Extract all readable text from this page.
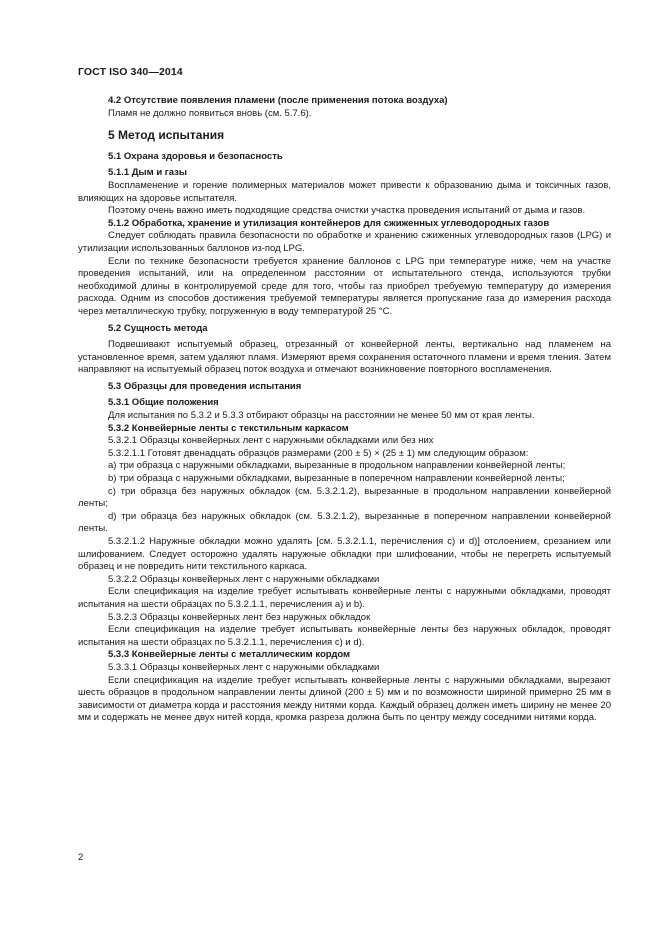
ГОСТ ISO 340—2014

4.2 Отсутствие появления пламени (после применения потока воздуха)

Пламя не должно появиться вновь (см. 5.7.6).

5 Метод испытания

5.1 Охрана здоровья и безопасность

5.1.1 Дым и газы

Воспламенение и горение полимерных материалов может привести к образованию дыма и токсичных газов, влияющих на здоровье испытателя.

Поэтому очень важно иметь подходящие средства очистки участка проведения испытаний от дыма и газов.

5.1.2 Обработка, хранение и утилизация контейнеров для сжиженных углеводородных газов

Следует соблюдать правила безопасности по обработке и хранению сжиженных углеводородных газов (LPG) и утилизации использованных баллонов из-под LPG.

Если по технике безопасности требуется хранение баллонов с LPG при температуре ниже, чем на участке проведения испытаний, или на определенном расстоянии от испытательного стенда, используются трубки необходимой длины в контролируемой среде для того, чтобы газ приобрел требуемую температуру до измерения расхода. Одним из способов достижения требуемой температуры является пропускание газа до измерения расхода через металлическую трубку, погруженную в воду температурой 25 °С.

5.2 Сущность метода

Подвешивают испытуемый образец, отрезанный от конвейерной ленты, вертикально над пламенем на установленное время, затем удаляют пламя. Измеряют время сохранения остаточного пламени и время тления. Затем направляют на испытуемый образец поток воздуха и отмечают возникновение повторного воспламенения.

5.3 Образцы для проведения испытания

5.3.1 Общие положения

Для испытания по 5.3.2 и 5.3.3 отбирают образцы на расстоянии не менее 50 мм от края ленты.

5.3.2 Конвейерные ленты с текстильным каркасом

5.3.2.1 Образцы конвейерных лент с наружными обкладками или без них

5.3.2.1.1 Готовят двенадцать образцов размерами (200 ± 5) × (25 ± 1) мм следующим образом:

a) три образца с наружными обкладками, вырезанные в продольном направлении конвейерной ленты;

b) три образца с наружными обкладками, вырезанные в поперечном направлении конвейерной ленты;

c) три образца без наружных обкладок (см. 5.3.2.1.2), вырезанные в продольном направлении конвейерной ленты;

d) три образца без наружных обкладок (см. 5.3.2.1.2), вырезанные в поперечном направлении конвейерной ленты.

5.3.2.1.2 Наружные обкладки можно удалять [см. 5.3.2.1.1, перечисления с) и d)] отслоением, срезанием или шлифованием. Следует осторожно удалять наружные обкладки при шлифовании, чтобы не перегреть испытуемый образец и не повредить нити текстильного каркаса.

5.3.2.2 Образцы конвейерных лент с наружными обкладками

Если спецификация на изделие требует испытывать конвейерные ленты с наружными обкладками, проводят испытания на шести образцах по 5.3.2.1.1, перечисления а) и b).

5.3.2.3 Образцы конвейерных лент без наружных обкладок

Если спецификация на изделие требует испытывать конвейерные ленты без наружных обкладок, проводят испытания на шести образцах по 5.3.2.1.1, перечисления с) и d).

5.3.3 Конвейерные ленты с металлическим кордом

5.3.3.1 Образцы конвейерных лент с наружными обкладками

Если спецификация на изделие требует испытывать конвейерные ленты с наружными обкладками, вырезают шесть образцов в продольном направлении ленты длиной (200 ± 5) мм и по возможности шириной примерно 25 мм в зависимости от диаметра корда и расстояния между нитями корда. Каждый образец должен иметь ширину не менее 20 мм и содержать не менее двух нитей корда, кромка разреза должна быть по центру между соседними нитями корда.

2
